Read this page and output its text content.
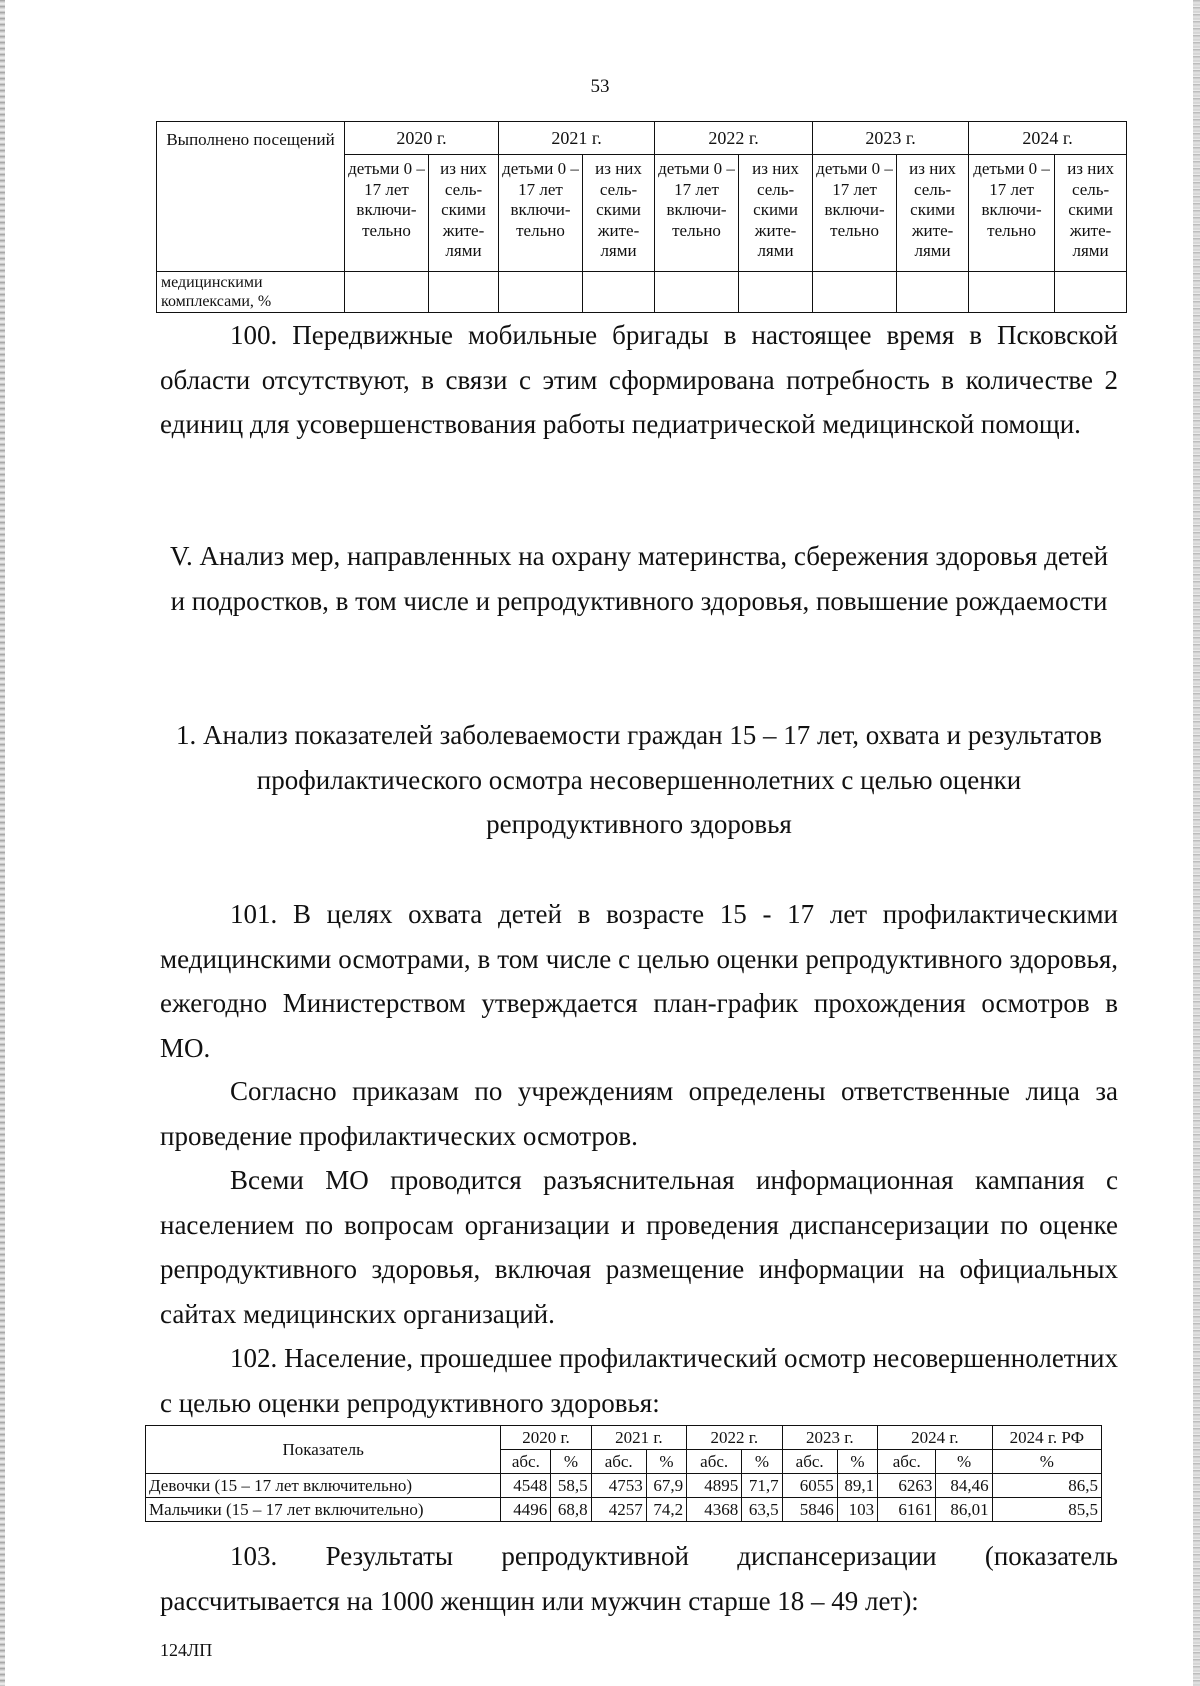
53
Выполнено посещений	2020 г.		2021 г.		2022 г.		2023 г.		2024 г.	
	детьми 0 – 17 лет включи-тельно	из них сель-скими жите-лями	детьми 0 – 17 лет включи-тельно	из них сель-скими жите-лями	детьми 0 – 17 лет включи-тельно	из них сель-скими жите-лями	детьми 0 – 17 лет включи-тельно	из них сель-скими жите-лями	детьми 0 – 17 лет включи-тельно	из них сель-скими жите-лями
медицинскими комплексами, %										
100. Передвижные мобильные бригады в настоящее время в Псковской области отсутствуют, в связи с этим сформирована потребность в количестве 2 единиц для усовершенствования работы педиатрической медицинской помощи.
V. Анализ мер, направленных на охрану материнства, сбережения здоровья детей и подростков, в том числе и репродуктивного здоровья, повышение рождаемости
1. Анализ показателей заболеваемости граждан 15 – 17 лет, охвата и результатов профилактического осмотра несовершеннолетних с целью оценки репродуктивного здоровья
101. В целях охвата детей в возрасте 15 - 17 лет профилактическими медицинскими осмотрами, в том числе с целью оценки репродуктивного здоровья, ежегодно Министерством утверждается план-график прохождения осмотров в МО.
Согласно приказам по учреждениям определены ответственные лица за проведение профилактических осмотров.
Всеми МО проводится разъяснительная информационная кампания с населением по вопросам организации и проведения диспансеризации по оценке репродуктивного здоровья, включая размещение информации на официальных сайтах медицинских организаций.
102. Население, прошедшее профилактический осмотр несовершеннолетних с целью оценки репродуктивного здоровья:
Показатель	2020 г.		2021 г.		2022 г.		2023 г.		2024 г.		2024 г. РФ
	абс.	%	абс.	%	абс.	%	абс.	%	абс.	%	%
Девочки (15 – 17 лет включительно)	4548	58,5	4753	67,9	4895	71,7	6055	89,1	6263	84,46	86,5
Мальчики (15 – 17 лет включительно)	4496	68,8	4257	74,2	4368	63,5	5846	103	6161	86,01	85,5
103. Результаты репродуктивной диспансеризации (показатель рассчитывается на 1000 женщин или мужчин старше 18 – 49 лет):
124ЛП
